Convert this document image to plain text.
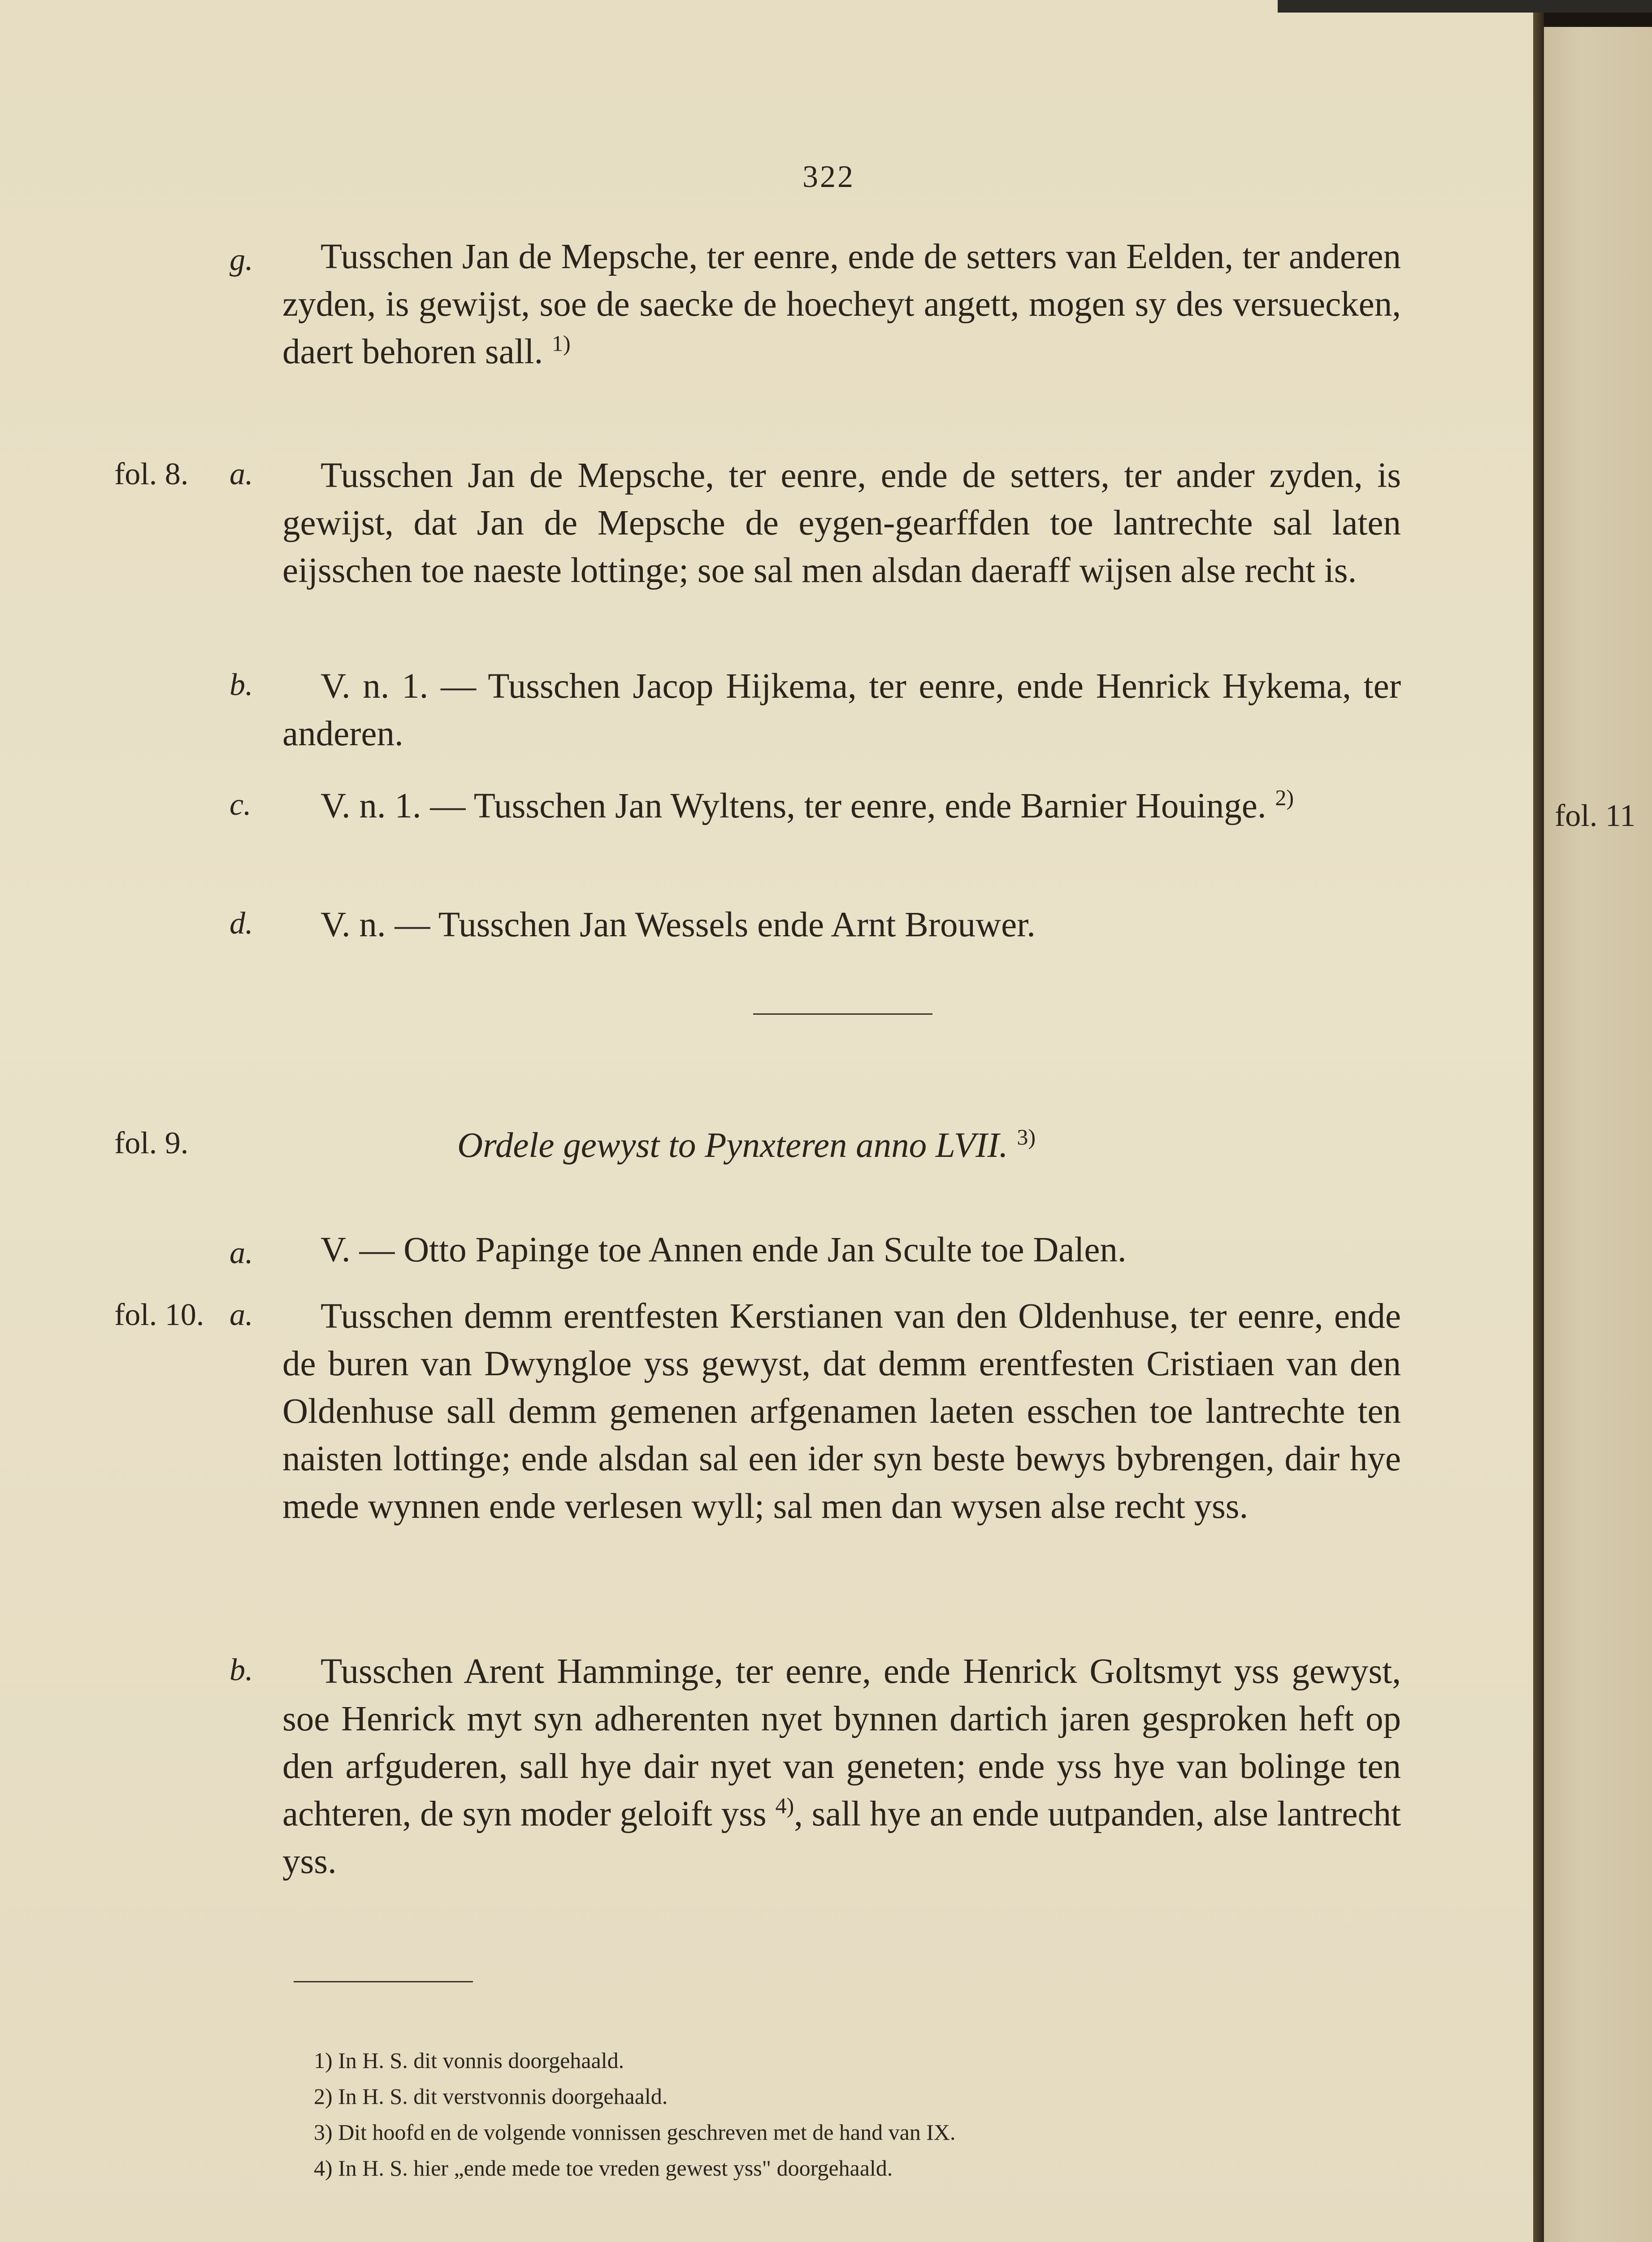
322
g.	Tusschen Jan de Mepsche, ter eenre, ende de setters van Eelden, ter anderen zyden, is gewijst, soe de saecke de hoecheyt angett, mogen sy des versuecken, daert behoren sall. $^{1)}$
fol. 8. a.	Tusschen Jan de Mepsche, ter eenre, ende de setters, ter ander zyden, is gewijst, dat Jan de Mepsche de eygen-gearffden toe lantrechte sal laten eijsschen toe naeste lottinge; soe sal men alsdan daeraff wijsen alse recht is.
b.	V. n. 1. — Tusschen Jacop Hijkema, ter eenre, ende Henrick Hykema, ter anderen.
c.	V. n. 1. — Tusschen Jan Wyltens, ter eenre, ende Barnier Houinge. $^{2)}$
d.	V. n. — Tusschen Jan Wessels ende Arnt Brouwer.
fol. 9.	Ordele gewyst to Pynxteren anno LVII. $^{3)}$
a.	V. — Otto Papinge toe Annen ende Jan Sculte toe Dalen.
fol. 10. a.	Tusschen demm erentfesten Kerstianen van den Oldenhuse, ter eenre, ende de buren van Dwyngloe yss gewyst, dat demm erentfesten Cristiaen van den Oldenhuse sall demm gemenen arfgenamen laeten esschen toe lantrechte ten naisten lottinge; ende alsdan sal een ider syn beste bewys bybrengen, dair hye mede wynnen ende verlesen wyll; sal men dan wysen alse recht yss.
b.	Tusschen Arent Hamminge, ter eenre, ende Henrick Goltsmyt yss gewyst, soe Henrick myt syn adherenten nyet bynnen dartich jaren gesproken heft op den arfguderen, sall hye dair nyet van geneten; ende yss hye van bolinge ten achteren, de syn moder geloift yss $^{4)}$, sall hye an ende uutpanden, alse lantrecht yss.
1) In H. S. dit vonnis doorgehaald.
2) In H. S. dit verstvonnis doorgehaald.
3) Dit hoofd en de volgende vonnissen geschreven met de hand van IX.
4) In H. S. hier „ende mede toe vreden gewest yss" doorgehaald.
fol. 11
